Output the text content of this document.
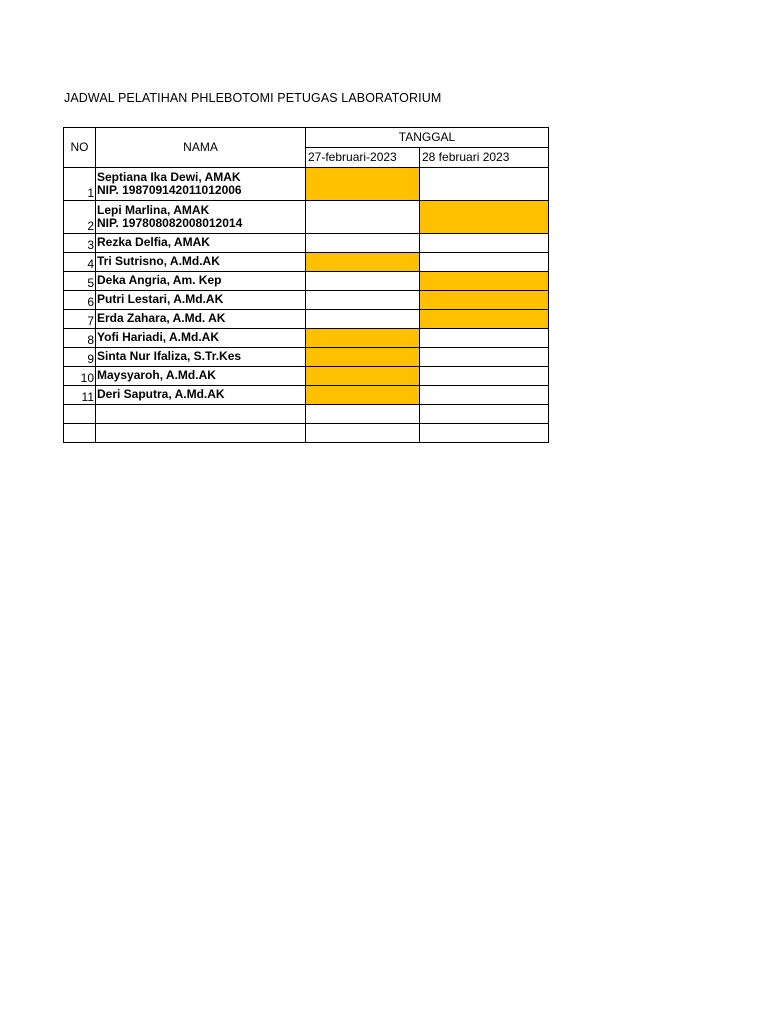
JADWAL PELATIHAN PHLEBOTOMI PETUGAS LABORATORIUM
NO	NAMA	TANGGAL	
		27-februari-2023	28 februari 2023
1	Septiana Ika Dewi, AMAK
NIP. 198709142011012006		

2	Lepi Marlina, AMAK
NIP. 197808082008012014		

3	Rezka Delfia, AMAK		

4	Tri Sutrisno, A.Md.AK		

5	Deka Angria, Am. Kep		

6	Putri Lestari, A.Md.AK		

7	Erda Zahara, A.Md. AK		

8	Yofi Hariadi, A.Md.AK		

9	Sinta Nur Ifaliza, S.Tr.Kes		

10	Maysyaroh, A.Md.AK		

11	Deri Saputra, A.Md.AK		
